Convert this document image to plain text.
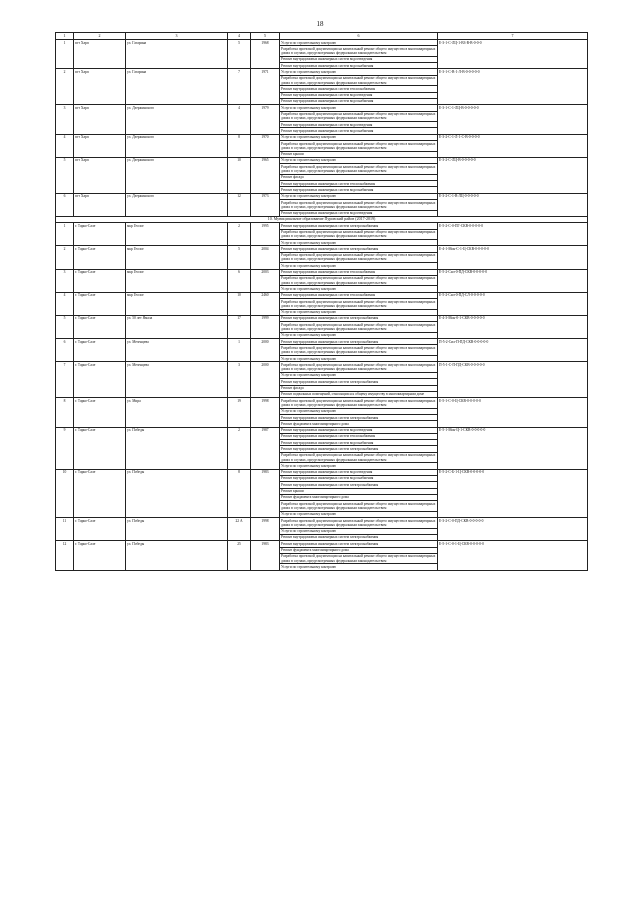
18
1	2	3	4	5	6	7
1	пгт Харп	ул. Гагарина	5	1968	Услуги по строительному контролю	Е-3-1-С-ЛЦ-1-ВЗ-В-В-0-0-0
					Разработка проектной документации на капитальный ремонт общего имущества в многоквартирных домах в случаях, предусмотренных федеральным законодательством	
					Ремонт внутридомовых инженерных систем водоотведения	
					Ремонт внутридомовых инженерных систем водоснабжения	
2	пгт Харп	ул. Гагарина	7	1971	Услуги по строительному контролю	Е-3-1-С-В-1-Л-В-0-0-0-0-0
					Разработка проектной документации на капитальный ремонт общего имущества в многоквартирных домах в случаях, предусмотренных федеральным законодательством	
					Ремонт внутридомовых инженерных систем теплоснабжения	
					Ремонт внутридомовых инженерных систем водоотведения	
					Ремонт внутридомовых инженерных систем водоснабжения	
3	пгт Харп	ул. Дзержинского	4	1979	Услуги по строительному контролю	Е-3-1-С-1-ЛЦ-В-0-0-0-0-0
					Разработка проектной документации на капитальный ремонт общего имущества в многоквартирных домах в случаях, предусмотренных федеральным законодательством	
					Ремонт внутридомовых инженерных систем водоотведения	
					Ремонт внутридомовых инженерных систем водоснабжения	
4	пгт Харп	ул. Дзержинского	8	1970	Услуги по строительному контролю	Е-3-2-С-1-Л-1-С-В-0-0-0-0
					Разработка проектной документации на капитальный ремонт общего имущества в многоквартирных домах в случаях, предусмотренных федеральным законодательством	
					Ремонт крыши	
5	пгт Харп	ул. Дзержинского	10	1965	Услуги по строительному контролю	Е-3-2-С-ЛЦ-В-0-0-0-0-0
					Разработка проектной документации на капитальный ремонт общего имущества в многоквартирных домах в случаях, предусмотренных федеральным законодательством	
					Ремонт фасада	
					Ремонт внутридомовых инженерных систем теплоснабжения	
					Ремонт внутридомовых инженерных систем водоснабжения	
6	пгт Харп	ул. Дзержинского	12	1973	Услуги по строительному контролю	Е-3-2-С-1-В-ЛЦ-0-0-0-0-0
					Разработка проектной документации на капитальный ремонт общего имущества в многоквартирных домах в случаях, предусмотренных федеральным законодательством	
					Ремонт внутридомовых инженерных систем водоотведения	
10. Муниципальное образование Пуровский район (2017-2019)						
1	г. Тарко-Сале	мкр Геолог	2	1995	Ремонт внутридомовых инженерных систем электроснабжения	Е-5-2-С-0-ПГ-СКВ-0-0-0-0-0
					Разработка проектной документации на капитальный ремонт общего имущества в многоквартирных домах в случаях, предусмотренных федеральным законодательством	
					Услуги по строительному контролю	
2	г. Тарко-Сале	мкр Геолог	5	2004	Ремонт внутридомовых инженерных систем электроснабжения	Е-4-1-Мон-С-1-Ц-СКВ-0-0-0-0-0
					Разработка проектной документации на капитальный ремонт общего имущества в многоквартирных домах в случаях, предусмотренных федеральным законодательством	
					Услуги по строительному контролю	
3	г. Тарко-Сале	мкр Геолог	6	2003	Ремонт внутридомовых инженерных систем теплоснабжения	Е-5-2-Сил-0-ПД-СКВ-0-0-0-0-0
					Разработка проектной документации на капитальный ремонт общего имущества в многоквартирных домах в случаях, предусмотренных федеральным законодательством	
					Услуги по строительному контролю	
4	г. Тарко-Сале	мкр Геолог	10	2460	Ремонт внутридомовых инженерных систем теплоснабжения	Е-5-2-Сил-0-ПД-СЛ-0-0-0-0-0
					Разработка проектной документации на капитальный ремонт общего имущества в многоквартирных домах в случаях, предусмотренных федеральным законодательством	
					Услуги по строительному контролю	
5	г. Тарко-Сале	ул. 50 лет Ямала	17	1999	Ремонт внутридомовых инженерных систем электроснабжения	Е-4-3-Мон-0-1-СКВ-0-0-0-0-0
					Разработка проектной документации на капитальный ремонт общего имущества в многоквартирных домах в случаях, предусмотренных федеральным законодательством	
					Услуги по строительному контролю	
6	г. Тарко-Сале	ул. Мезенцева	1	2000	Ремонт внутридомовых инженерных систем электроснабжения	П-5-2-Сил-П-ПД-СКВ-0-0-0-0-0
					Разработка проектной документации на капитальный ремонт общего имущества в многоквартирных домах в случаях, предусмотренных федеральным законодательством	
					Услуги по строительному контролю	
7	г. Тарко-Сале	ул. Мезенцева	3	2000	Разработка проектной документации на капитальный ремонт общего имущества в многоквартирных домах в случаях, предусмотренных федеральным законодательством	П-5-1-С-П-ПД-СКВ-0-0-0-0-0
					Услуги по строительному контролю	
					Ремонт внутридомовых инженерных систем электроснабжения	
					Ремонт фасада	
					Ремонт подвальных помещений, относящихся к общему имуществу в многоквартирном доме	
8	г. Тарко-Сале	ул. Мира	19	1998	Разработка проектной документации на капитальный ремонт общего имущества в многоквартирных домах в случаях, предусмотренных федеральным законодательством	Е-5-1-С-0-Ц-СКВ-0-0-0-0-0
					Услуги по строительному контролю	
					Ремонт внутридомовых инженерных систем электроснабжения	
					Ремонт фундамента многоквартирного дома	
9	г. Тарко-Сале	ул. Победы	2	1987	Ремонт внутридомовых инженерных систем водоотведения	Е-5-1-Мон-Ц-1-СКВ-0-0-0-0-0
					Ремонт внутридомовых инженерных систем теплоснабжения	
					Ремонт внутридомовых инженерных систем водоснабжения	
					Ремонт внутридомовых инженерных систем электроснабжения	
					Разработка проектной документации на капитальный ремонт общего имущества в многоквартирных домах в случаях, предусмотренных федеральным законодательством	
					Услуги по строительному контролю	
10	г. Тарко-Сале	ул. Победы	8	1983	Ремонт внутридомовых инженерных систем водоотведения	Е-5-2-С-Б-1-Ц-СКВ-0-0-0-0-0
					Ремонт внутридомовых инженерных систем водоснабжения	
					Ремонт внутридомовых инженерных систем электроснабжения	
					Ремонт крыши	
					Ремонт фундамента многоквартирного дома	
					Разработка проектной документации на капитальный ремонт общего имущества в многоквартирных домах в случаях, предусмотренных федеральным законодательством	
					Услуги по строительному контролю	
11	г. Тарко-Сале	ул. Победы	22 А	1998	Разработка проектной документации на капитальный ремонт общего имущества в многоквартирных домах в случаях, предусмотренных федеральным законодательством	Е-3-2-С-0-ПД-СКВ-0-0-0-0-0
					Услуги по строительному контролю	
					Ремонт внутридомовых инженерных систем электроснабжения	
12	г. Тарко-Сале	ул. Победы	25	1983	Ремонт внутридомовых инженерных систем электроснабжения	Е-5-1-С-0-1-Ц-СКВ-0-0-0-0-0
					Ремонт фундамента многоквартирного дома	
					Разработка проектной документации на капитальный ремонт общего имущества в многоквартирных домах в случаях, предусмотренных федеральным законодательством	
					Услуги по строительному контролю	
